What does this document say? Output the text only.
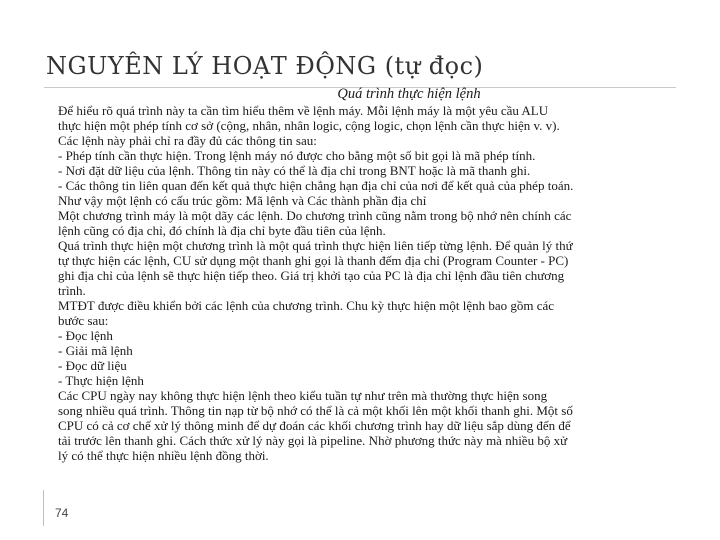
NGUYÊN LÝ HOẠT ĐỘNG (tự đọc)

Quá trình thực hiện lệnh

Để hiểu rõ quá trình này ta cần tìm hiểu thêm về lệnh máy. Mỗi lệnh máy là một yêu cầu ALU
thực hiện một phép tính cơ sở (cộng, nhân, nhân logic, cộng logic, chọn lệnh cần thực hiện v. v).
Các lệnh này phải chỉ ra đầy đủ các thông tin sau:
- Phép tính cần thực hiện. Trong lệnh máy nó được cho bằng một số bit gọi là mã phép tính.
- Nơi đặt dữ liệu của lệnh. Thông tin này có thể là địa chỉ trong BNT hoặc là mã thanh ghi.
- Các thông tin liên quan đến kết quả thực hiện chẳng hạn địa chỉ của nơi để kết quả của phép toán.
Như vậy một lệnh có cấu trúc gồm: Mã lệnh và Các thành phần địa chỉ
Một chương trình máy là một dãy các lệnh. Do chương trình cũng nằm trong bộ nhớ nên chính các
lệnh cũng có địa chỉ, đó chính là địa chỉ byte đầu tiên của lệnh.
Quá trình thực hiện một chương trình là một quá trình thực hiện liên tiếp từng lệnh. Để quản lý thứ
tự thực hiện các lệnh, CU sử dụng một thanh ghi gọi là thanh đếm địa chỉ (Program Counter - PC)
ghi địa chỉ của lệnh sẽ thực hiện tiếp theo. Giá trị khởi tạo của PC là địa chỉ lệnh đầu tiên chương
trình.
MTĐT được điều khiển bởi các lệnh của chương trình. Chu kỳ thực hiện một lệnh bao gồm các
bước sau:
- Đọc lệnh
- Giải mã lệnh
- Đọc dữ liệu
- Thực hiện lệnh
Các CPU ngày nay không thực hiện lệnh theo kiểu tuần tự như trên mà thường thực hiện song
song nhiều quá trình. Thông tin nạp từ bộ nhớ có thể là cả một khối lên một khối thanh ghi. Một số
CPU có cả cơ chế xử lý thông minh để dự đoán các khối chương trình hay dữ liệu sắp dùng đến để
tải trước lên thanh ghi. Cách thức xử lý này gọi là pipeline. Nhờ phương thức này mà nhiều bộ xử
lý có thể thực hiện nhiều lệnh đồng thời.
74
